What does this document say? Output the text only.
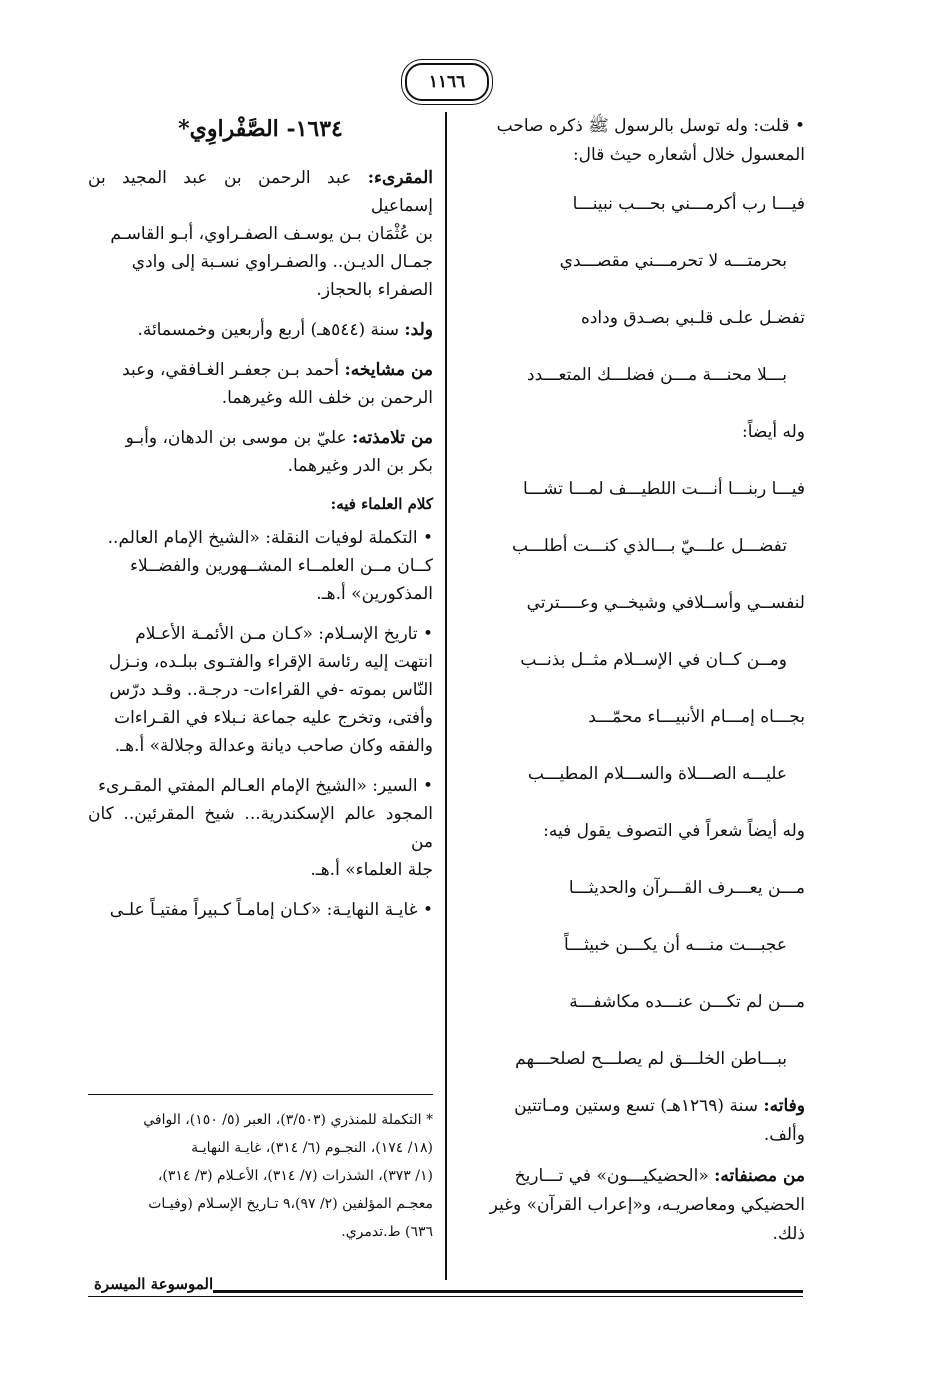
١١٦٦
• قلت: وله توسل بالرسول ﷺ ذكره صاحب
المعسول خلال أشعاره حيث قال:
فيـــا رب أكرمـــني بحـــب نبينـــا
بحرمتـــه لا تحرمـــني مقصـــدي
تفضـل علـى قلـبي بصـدق وداده
بـــلا محنـــة مـــن فضلـــك المتعـــدد
وله أيضاً:
فيـــا ربنـــا أنـــت اللطيـــف لمـــا تشـــا
تفضـــل علـــيّ بـــالذي كنـــت أطلـــب
لنفســي وأســلافي وشيخــي وعــــترتي
ومــن كــان في الإســلام مثــل بذنــب
بجـــاه إمـــام الأنبيـــاء محمّـــد
عليـــه الصـــلاة والســـلام المطيـــب
وله أيضاً شعراً في التصوف يقول فيه:
مـــن يعـــرف القـــرآن والحديثـــا
عجبـــت منـــه أن يكـــن خبيثـــاً
مـــن لم تكـــن عنـــده مكاشفـــة
ببـــاطن الخلـــق لم يصلـــح لصلحـــهم
وفاته: سنة (١٢٦٩هـ) تسع وستين ومـاتتين
وألف.
من مصنفاته: «الحضيكيـــون» في تـــاريخ
الحضيكي ومعاصريـه، و«إعراب القرآن» وغير
ذلك.
١٦٣٤- الصَّفْراوِي*

المقرىء: عبد الرحمن بن عبد المجيد بن إسماعيل

بن عُثْمَان بـن يوسـف الصفـراوي، أبـو القاسـم

جمـال الديـن.. والصفـراوي نسـبة إلى وادي

الصفراء بالحجاز.

ولد: سنة (٥٤٤هـ) أربع وأربعين وخمسمائة.

من مشايخه: أحمد بـن جعفـر الغـافقي، وعبد

الرحمن بن خلف الله وغيرهما.

من تلامذته: عليّ بن موسى بن الدهان، وأبـو

بكر بن الدر وغيرهما.

كلام العلماء فيه:

• التكملة لوفيات النقلة: «الشيخ الإمام العالم..

كــان مــن العلمــاء المشــهورين والفضــلاء

المذكورين» أ.هـ.

• تاريخ الإسـلام: «كـان مـن الأئمـة الأعـلام

انتهت إليه رئاسة الإقراء والفتـوى ببلـده، ونـزل

النّاس بموته -في القراءات- درجـة.. وقـد درّس

وأفتى، وتخرج عليه جماعة نـبلاء في القـراءات

والفقه وكان صاحب ديانة وعدالة وجلالة» أ.هـ.

• السير: «الشيخ الإمام العـالم المفتي المقـرىء

المجود عالم الإسكندرية... شيخ المقرئين.. كان من

جلة العلماء» أ.هـ.

• غايـة النهايـة: «كـان إمامـاً كـبيراً مفتيـاً علـى

* التكملة للمنذري (٣/٥٠٣)، العبر (٥/ ١٥٠)، الوافي
(١٨/ ١٧٤)، النجـوم (٦/ ٣١٤)، غايـة النهايـة
(١/ ٣٧٣)، الشذرات (٧/ ٣١٤)، الأعـلام (٣/ ٣١٤)،
معجـم المؤلفين (٢/ ٩٧)،٩ تـاريخ الإسـلام (وفيـات
٦٣٦) ط.تدمري.
الموسوعة الميسرة
